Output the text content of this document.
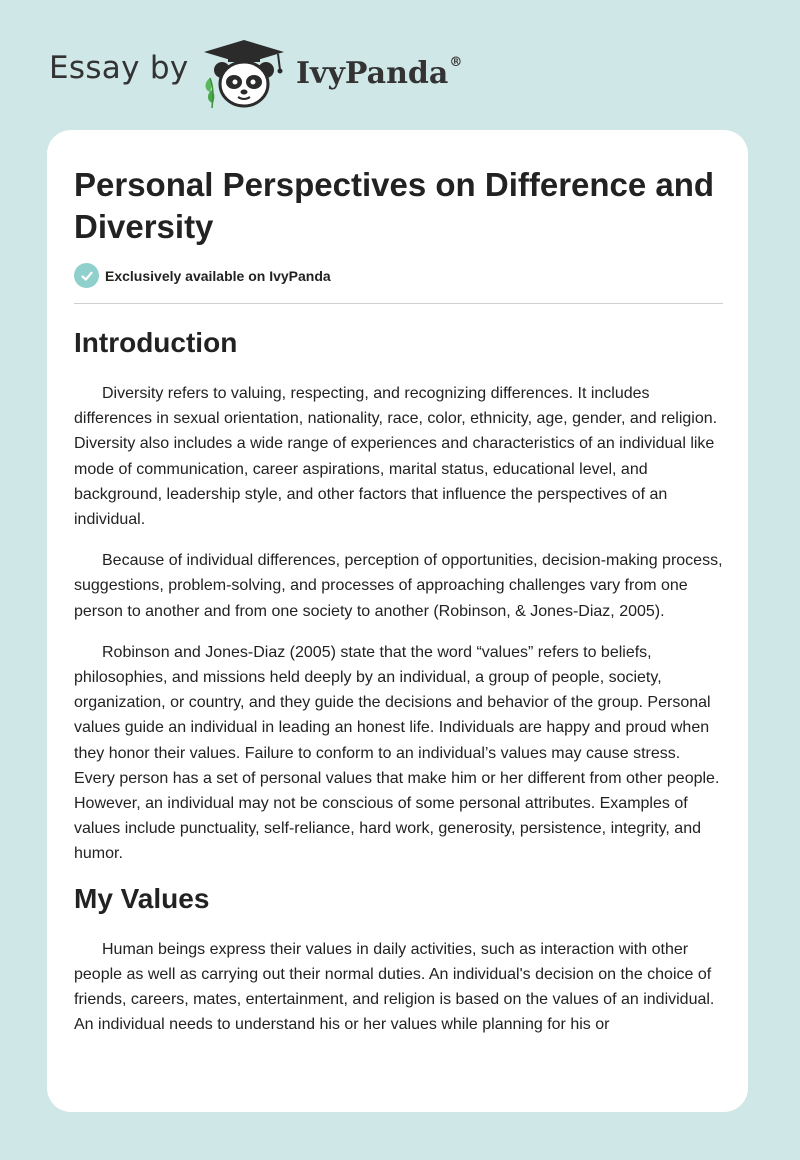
Essay by	IvyPanda®
Personal Perspectives on Difference and Diversity
Exclusively available on IvyPanda
Introduction

Diversity refers to valuing, respecting, and recognizing differences. It includes differences in sexual orientation, nationality, race, color, ethnicity, age, gender, and religion. Diversity also includes a wide range of experiences and characteristics of an individual like mode of communication, career aspirations, marital status, educational level, and background, leadership style, and other factors that influence the perspectives of an individual.

Because of individual differences, perception of opportunities, decision-making process, suggestions, problem-solving, and processes of approaching challenges vary from one person to another and from one society to another (Robinson, & Jones-Diaz, 2005).

Robinson and Jones-Diaz (2005) state that the word “values” refers to beliefs, philosophies, and missions held deeply by an individual, a group of people, society, organization, or country, and they guide the decisions and behavior of the group. Personal values guide an individual in leading an honest life. Individuals are happy and proud when they honor their values. Failure to conform to an individual’s values may cause stress. Every person has a set of personal values that make him or her different from other people. However, an individual may not be conscious of some personal attributes. Examples of values include punctuality, self-reliance, hard work, generosity, persistence, integrity, and humor.

My Values

Human beings express their values in daily activities, such as interaction with other people as well as carrying out their normal duties. An individual's decision on the choice of friends, careers, mates, entertainment, and religion is based on the values of an individual. An individual needs to understand his or her values while planning for his or
